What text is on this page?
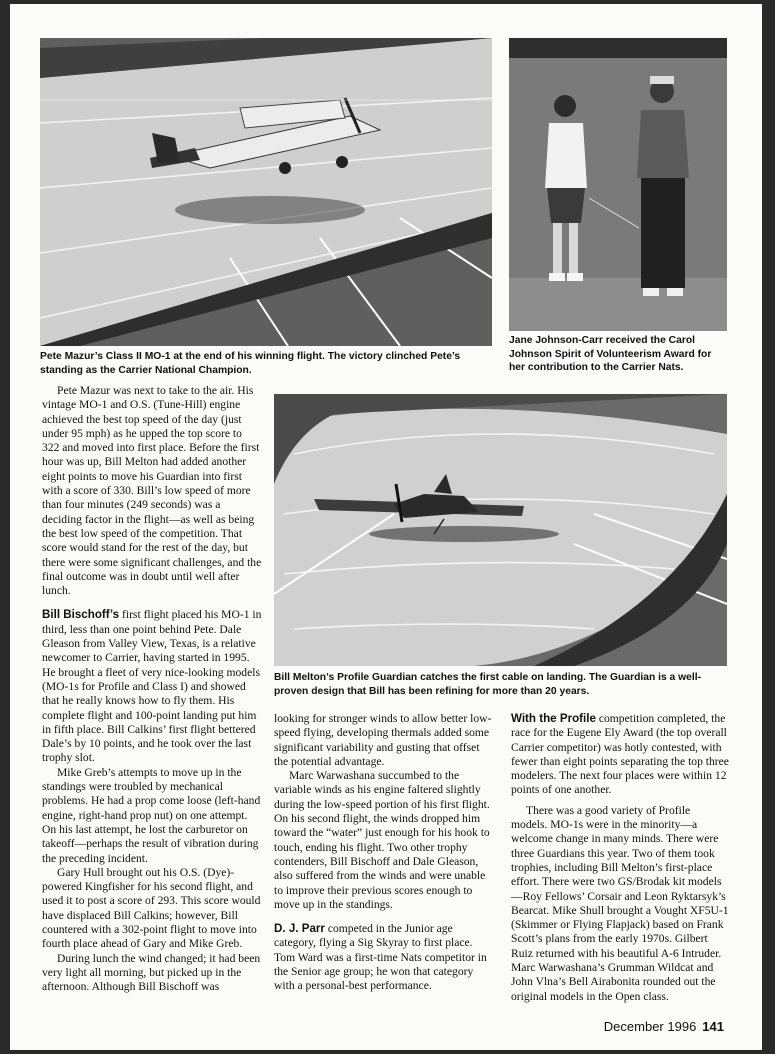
Pete Mazur’s Class II MO-1 at the end of his winning flight. The victory clinched Pete’s standing as the Carrier National Champion.

Jane Johnson-Carr received the Carol Johnson Spirit of Volunteerism Award for her contribution to the Carrier Nats.

Bill Melton’s Profile Guardian catches the first cable on landing. The Guardian is a well-proven design that Bill has been refining for more than 20 years.

Pete Mazur was next to take to the air. His vintage MO-1 and O.S. (Tune-Hill) engine achieved the best top speed of the day (just under 95 mph) as he upped the top score to 322 and moved into first place. Before the first hour was up, Bill Melton had added another eight points to move his Guardian into first with a score of 330. Bill’s low speed of more than four minutes (249 seconds) was a deciding factor in the flight—as well as being the best low speed of the competition. That score would stand for the rest of the day, but there were some significant challenges, and the final outcome was in doubt until well after lunch.

Bill Bischoff’s first flight placed his MO-1 in third, less than one point behind Pete. Dale Gleason from Valley View, Texas, is a relative newcomer to Carrier, having started in 1995. He brought a fleet of very nice-looking models (MO-1s for Profile and Class I) and showed that he really knows how to fly them. His complete flight and 100-point landing put him in fifth place. Bill Calkins’ first flight bettered Dale’s by 10 points, and he took over the last trophy slot.

Mike Greb’s attempts to move up in the standings were troubled by mechanical problems. He had a prop come loose (left-hand engine, right-hand prop nut) on one attempt. On his last attempt, he lost the carburetor on takeoff—perhaps the result of vibration during the preceding incident.

Gary Hull brought out his O.S. (Dye)-powered Kingfisher for his second flight, and used it to post a score of 293. This score would have displaced Bill Calkins; however, Bill countered with a 302-point flight to move into fourth place ahead of Gary and Mike Greb.

During lunch the wind changed; it had been very light all morning, but picked up in the afternoon. Although Bill Bischoff was

looking for stronger winds to allow better low-speed flying, developing thermals added some significant variability and gusting that offset the potential advantage.

Marc Warwashana succumbed to the variable winds as his engine faltered slightly during the low-speed portion of his first flight. On his second flight, the winds dropped him toward the “water” just enough for his hook to touch, ending his flight. Two other trophy contenders, Bill Bischoff and Dale Gleason, also suffered from the winds and were unable to improve their previous scores enough to move up in the standings.

D. J. Parr competed in the Junior age category, flying a Sig Skyray to first place. Tom Ward was a first-time Nats competitor in the Senior age group; he won that category with a personal-best performance.

With the Profile competition completed, the race for the Eugene Ely Award (the top overall Carrier competitor) was hotly contested, with fewer than eight points separating the top three modelers. The next four places were within 12 points of one another.

There was a good variety of Profile models. MO-1s were in the minority—a welcome change in many minds. There were three Guardians this year. Two of them took trophies, including Bill Melton’s first-place effort. There were two GS/Brodak kit models—Roy Fellows’ Corsair and Leon Ryktarsyk’s Bearcat. Mike Shull brought a Vought XF5U-1 (Skimmer or Flying Flapjack) based on Frank Scott’s plans from the early 1970s. Gilbert Ruiz returned with his beautiful A-6 Intruder. Marc Warwashana’s Grumman Wildcat and John Vlna’s Bell Airabonita rounded out the original models in the Open class.

December 1996 141
